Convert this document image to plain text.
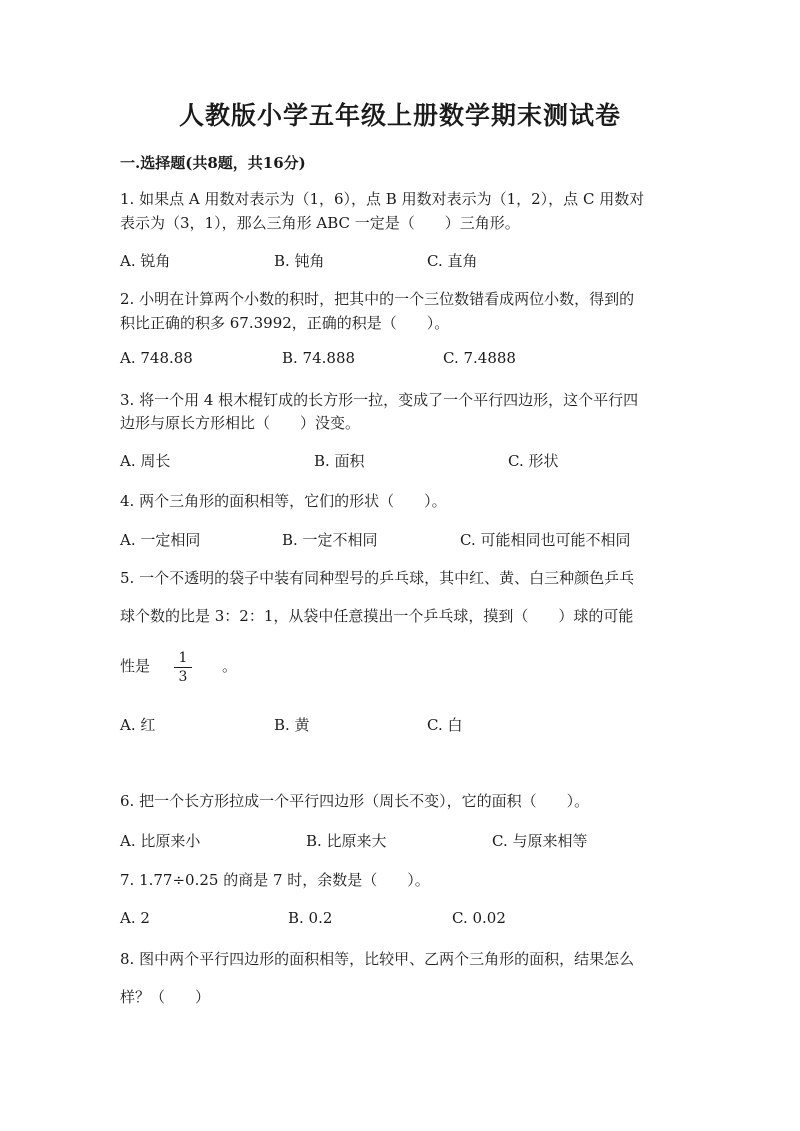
人教版小学五年级上册数学期末测试卷
一.选择题(共8题，共16分)
1. 如果点 A 用数对表示为（1，6），点 B 用数对表示为（1，2），点 C 用数对
表示为（3，1），那么三角形 ABC 一定是（　　）三角形。
A. 锐角	B. 钝角	C. 直角
2. 小明在计算两个小数的积时，把其中的一个三位数错看成两位小数，得到的
积比正确的积多 67.3992，正确的积是（　　）。
A. 748.88	B. 74.888	C. 7.4888
3. 将一个用 4 根木棍钉成的长方形一拉，变成了一个平行四边形，这个平行四
边形与原长方形相比（　　）没变。
A. 周长	B. 面积	C. 形状
4. 两个三角形的面积相等，它们的形状（　　）。
A. 一定相同	B. 一定不相同	C. 可能相同也可能不相同
5. 一个不透明的袋子中装有同种型号的乒乓球，其中红、黄、白三种颜色乒乓
球个数的比是 3：2：1，从袋中任意摸出一个乒乓球，摸到（　　）球的可能
性是	1
3
。
A. 红	B. 黄	C. 白
6. 把一个长方形拉成一个平行四边形（周长不变），它的面积（　　）。
A. 比原来小	B. 比原来大	C. 与原来相等
7. 1.77÷0.25 的商是 7 时，余数是（　　）。
A. 2	B. 0.2	C. 0.02
8. 图中两个平行四边形的面积相等，比较甲、乙两个三角形的面积，结果怎么
样？（　　）
